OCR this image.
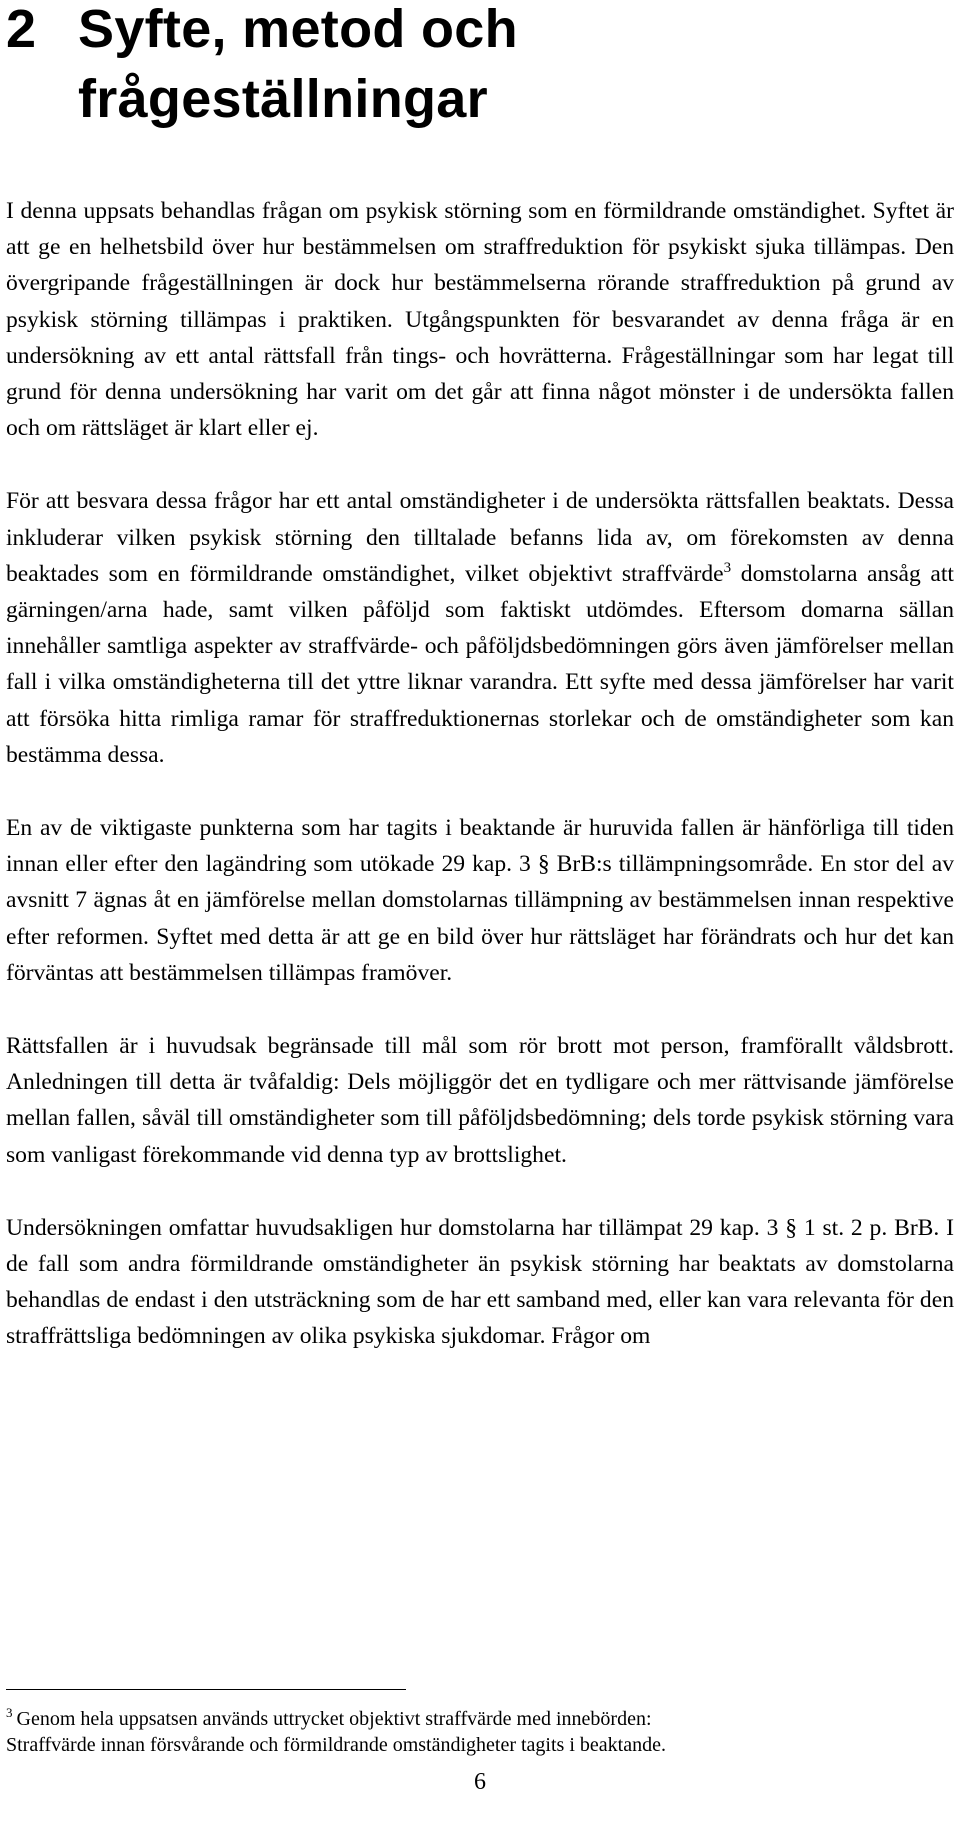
2 Syfte, metod och frågeställningar

I denna uppsats behandlas frågan om psykisk störning som en förmildrande omständighet. Syftet är att ge en helhetsbild över hur bestämmelsen om straffreduktion för psykiskt sjuka tillämpas. Den övergripande frågeställningen är dock hur bestämmelserna rörande straffreduktion på grund av psykisk störning tillämpas i praktiken. Utgångspunkten för besvarandet av denna fråga är en undersökning av ett antal rättsfall från tings- och hovrätterna. Frågeställningar som har legat till grund för denna undersökning har varit om det går att finna något mönster i de undersökta fallen och om rättsläget är klart eller ej.

För att besvara dessa frågor har ett antal omständigheter i de undersökta rättsfallen beaktats. Dessa inkluderar vilken psykisk störning den tilltalade befanns lida av, om förekomsten av denna beaktades som en förmildrande omständighet, vilket objektivt straffvärde$^3$ domstolarna ansåg att gärningen/arna hade, samt vilken påföljd som faktiskt utdömdes. Eftersom domarna sällan innehåller samtliga aspekter av straffvärde- och påföljdsbedömningen görs även jämförelser mellan fall i vilka omständigheterna till det yttre liknar varandra. Ett syfte med dessa jämförelser har varit att försöka hitta rimliga ramar för straffreduktionernas storlekar och de omständigheter som kan bestämma dessa.

En av de viktigaste punkterna som har tagits i beaktande är huruvida fallen är hänförliga till tiden innan eller efter den lagändring som utökade 29 kap. 3 § BrB:s tillämpningsområde. En stor del av avsnitt 7 ägnas åt en jämförelse mellan domstolarnas tillämpning av bestämmelsen innan respektive efter reformen. Syftet med detta är att ge en bild över hur rättsläget har förändrats och hur det kan förväntas att bestämmelsen tillämpas framöver.

Rättsfallen är i huvudsak begränsade till mål som rör brott mot person, framförallt våldsbrott. Anledningen till detta är tvåfaldig: Dels möjliggör det en tydligare och mer rättvisande jämförelse mellan fallen, såväl till omständigheter som till påföljdsbedömning; dels torde psykisk störning vara som vanligast förekommande vid denna typ av brottslighet.

Undersökningen omfattar huvudsakligen hur domstolarna har tillämpat 29 kap. 3 § 1 st. 2 p. BrB. I de fall som andra förmildrande omständigheter än psykisk störning har beaktats av domstolarna behandlas de endast i den utsträckning som de har ett samband med, eller kan vara relevanta för den straffrättsliga bedömningen av olika psykiska sjukdomar. Frågor om

$^3$ Genom hela uppsatsen används uttrycket objektivt straffvärde med innebörden:
Straffvärde innan försvårande och förmildrande omständigheter tagits i beaktande.

6
